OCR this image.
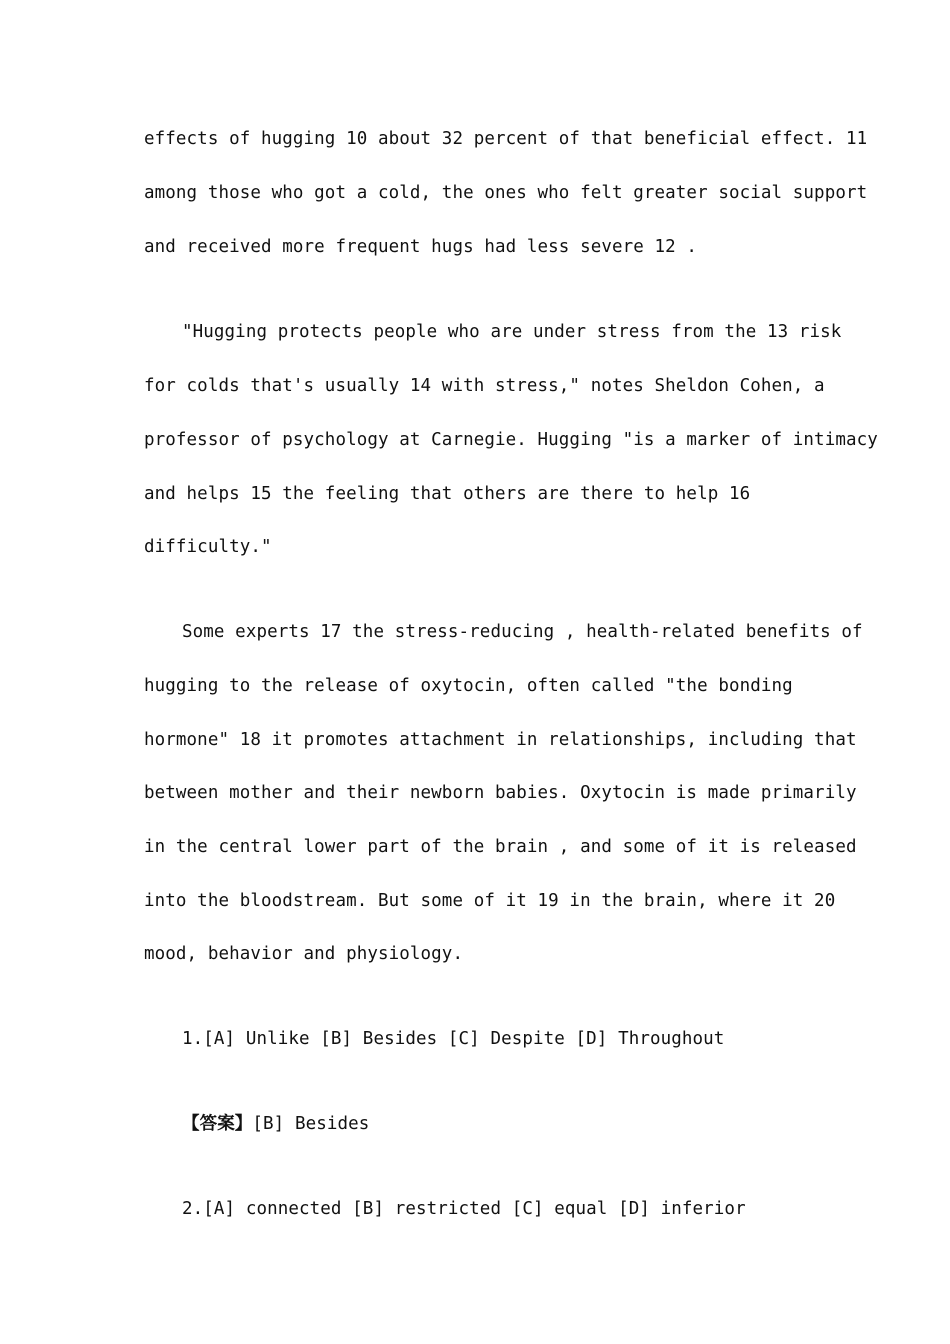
effects of hugging 10 about 32 percent of that beneficial effect. 11
among those who got a cold, the ones who felt greater social support
and received more frequent hugs had less severe 12 .
"Hugging protects people who are under stress from the 13 risk
for colds that's usually 14 with stress," notes Sheldon Cohen, a
professor of psychology at Carnegie. Hugging "is a marker of intimacy
and helps 15 the feeling that others are there to help 16
difficulty."
Some experts 17 the stress-reducing , health-related benefits of
hugging to the release of oxytocin, often called "the bonding
hormone" 18 it promotes attachment in relationships, including that
between mother and their newborn babies. Oxytocin is made primarily
in the central lower part of the brain , and some of it is released
into the bloodstream. But some of it 19 in the brain, where it 20
mood, behavior and physiology.
1.[A] Unlike [B] Besides [C] Despite [D] Throughout
【答案】[B] Besides
2.[A] connected [B] restricted [C] equal [D] inferior
